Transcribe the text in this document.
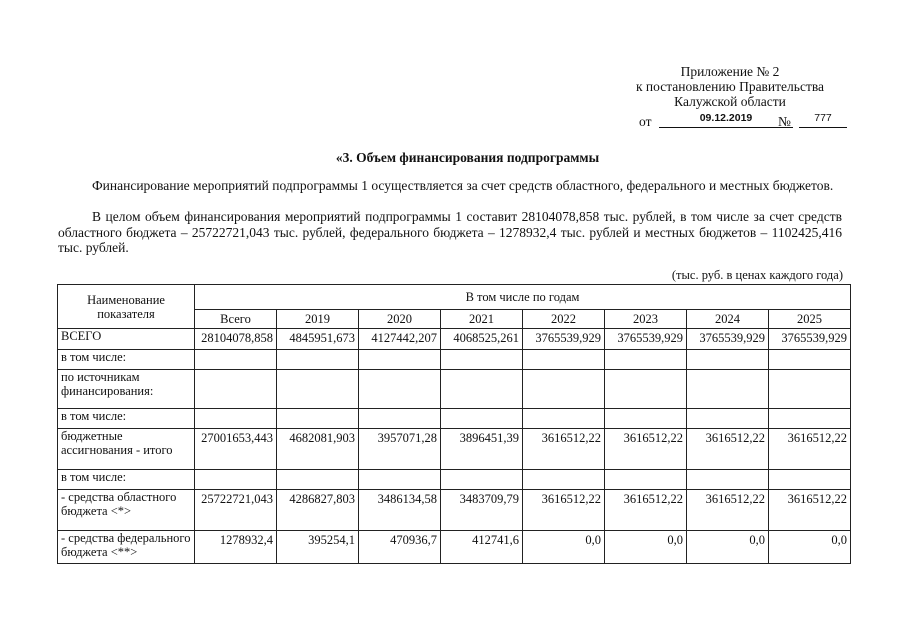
Приложение № 2
к постановлению Правительства
Калужской области
от	09.12.2019	№	777
«3. Объем финансирования подпрограммы
Финансирование мероприятий подпрограммы 1 осуществляется за счет средств областного, федерального и местных бюджетов.
В целом объем финансирования мероприятий подпрограммы 1 составит 28104078,858 тыс. рублей, в том числе за счет средств областного бюджета – 25722721,043 тыс. рублей, федерального бюджета – 1278932,4 тыс. рублей и местных бюджетов – 1102425,416 тыс. рублей.
(тыс. руб. в ценах каждого года)
Наименование показателя	В том числе по годам							
	Всего	2019	2020	2021	2022	2023	2024	2025
ВСЕГО	28104078,858	4845951,673	4127442,207	4068525,261	3765539,929	3765539,929	3765539,929	3765539,929
в том числе:								
по источникам финансирования:								
в том числе:								
бюджетные ассигнования - итого	27001653,443	4682081,903	3957071,28	3896451,39	3616512,22	3616512,22	3616512,22	3616512,22
в том числе:								
- средства областного бюджета <*>	25722721,043	4286827,803	3486134,58	3483709,79	3616512,22	3616512,22	3616512,22	3616512,22
- средства федерального бюджета <**>	1278932,4	395254,1	470936,7	412741,6	0,0	0,0	0,0	0,0
